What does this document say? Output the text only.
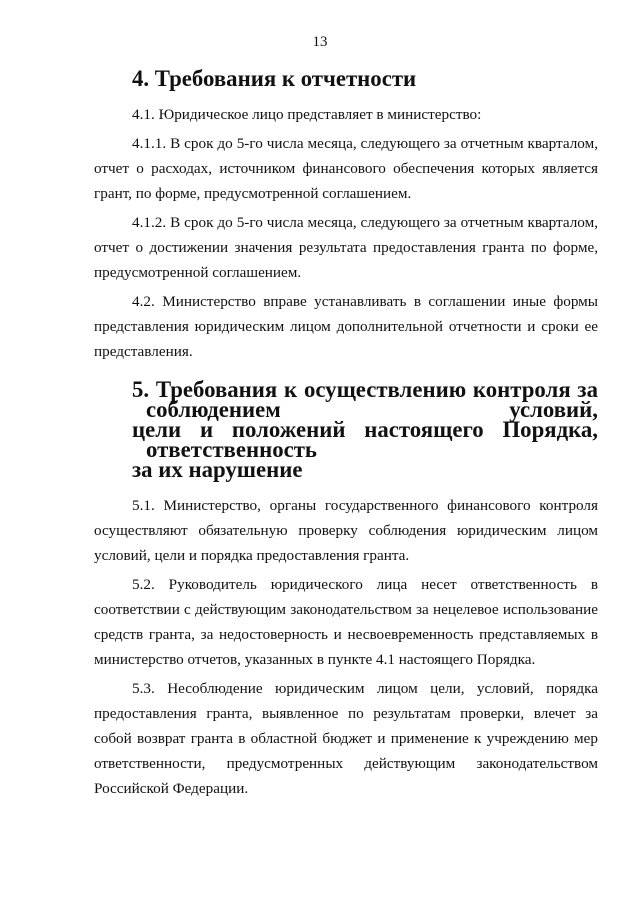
13
4. Требования к отчетности

4.1. Юридическое лицо представляет в министерство:

4.1.1. В срок до 5-го числа месяца, следующего за отчетным кварталом, отчет о расходах, источником финансового обеспечения которых является грант, по форме, предусмотренной соглашением.

4.1.2. В срок до 5-го числа месяца, следующего за отчетным кварталом, отчет о достижении значения результата предоставления гранта по форме, предусмотренной соглашением.

4.2. Министерство вправе устанавливать в соглашении иные формы представления юридическим лицом дополнительной отчетности и сроки ее представления.

5. Требования к осуществлению контроля за соблюдением условий,
цели и положений настоящего Порядка, ответственность
за их нарушение

5.1. Министерство, органы государственного финансового контроля осуществляют обязательную проверку соблюдения юридическим лицом условий, цели и порядка предоставления гранта.

5.2. Руководитель юридического лица несет ответственность в соответствии с действующим законодательством за нецелевое использование средств гранта, за недостоверность и несвоевременность представляемых в министерство отчетов, указанных в пункте 4.1 настоящего Порядка.

5.3. Несоблюдение юридическим лицом цели, условий, порядка предоставления гранта, выявленное по результатам проверки, влечет за собой возврат гранта в областной бюджет и применение к учреждению мер ответственности, предусмотренных действующим законодательством Российской Федерации.
